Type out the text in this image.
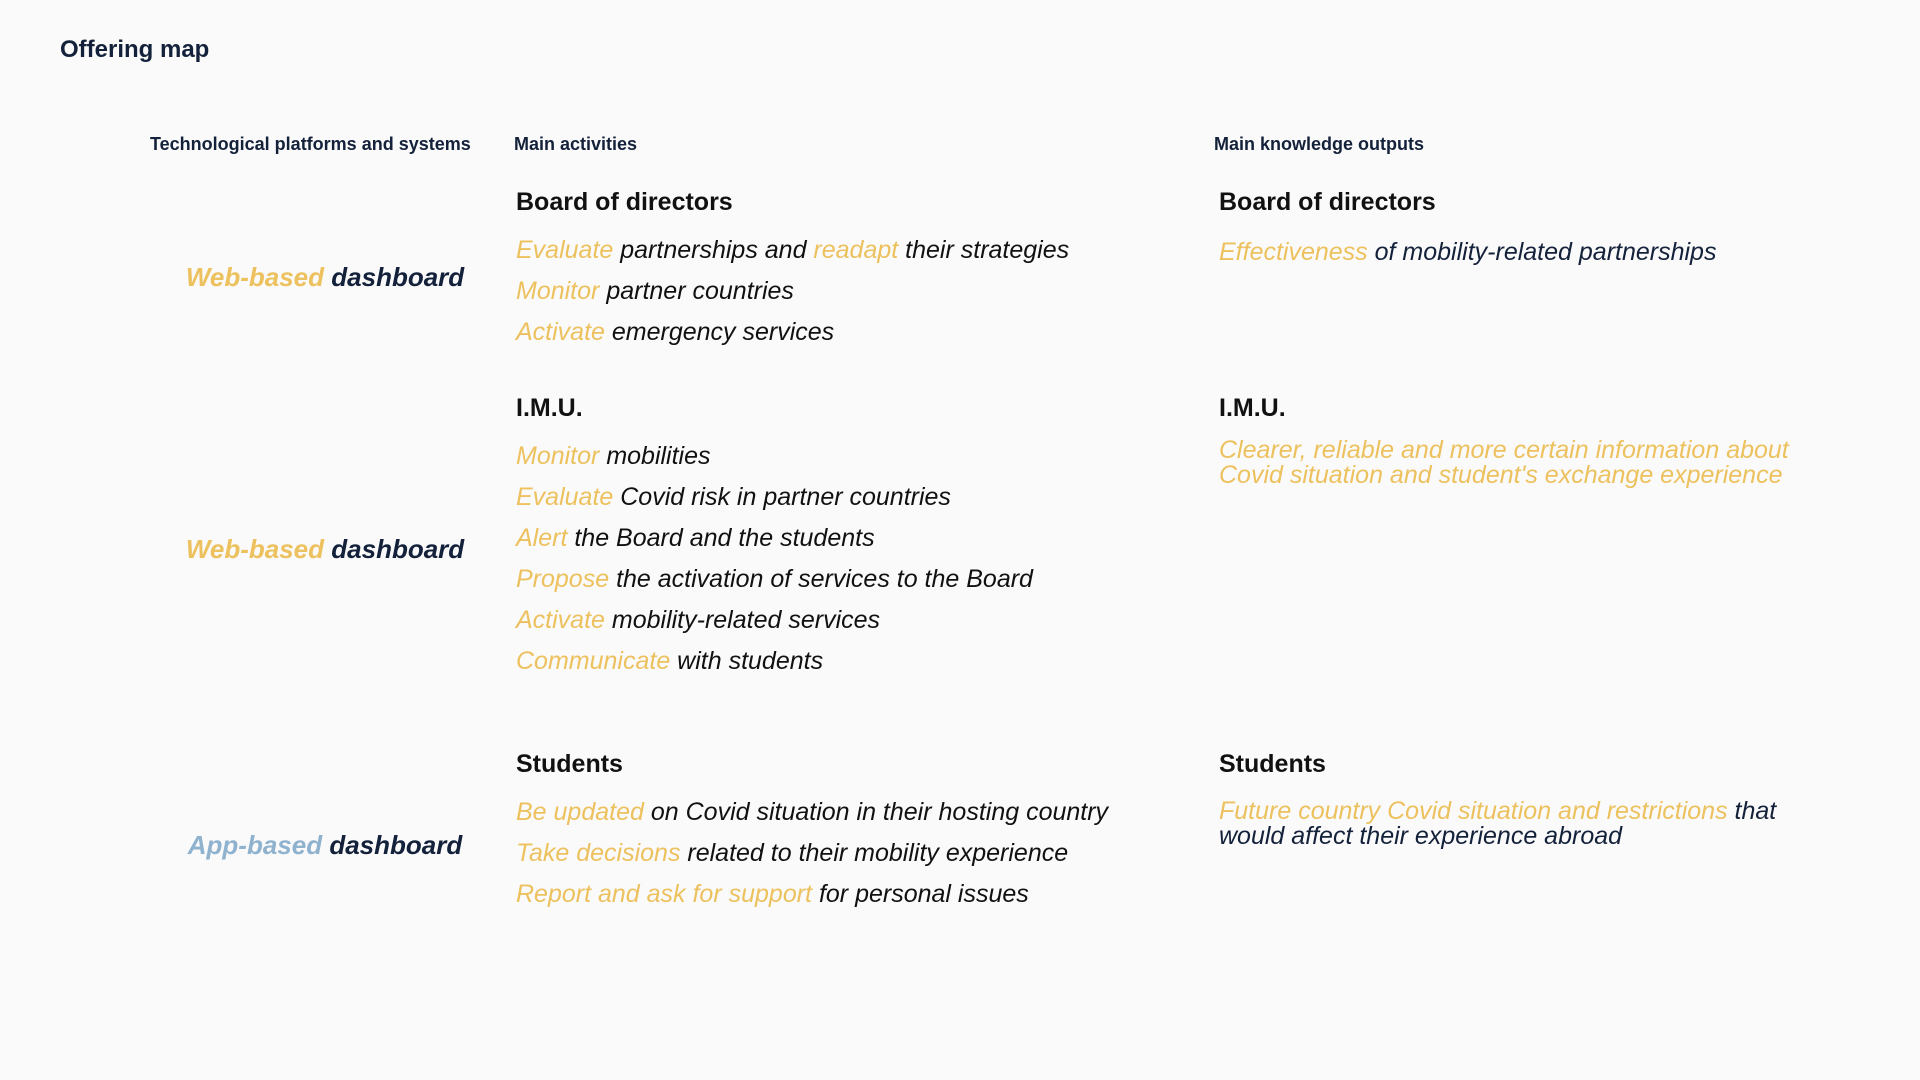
Offering map
Technological platforms and systems Main activities	Main knowledge outputs
Web-based dashboard
Board of directors
Evaluate partnerships and readapt their strategies
Monitor partner countries
Activate emergency services
Board of directors
Effectiveness of mobility-related partnerships
Web-based dashboard
I.M.U.
Monitor mobilities
Evaluate Covid risk in partner countries
Alert the Board and the students
Propose the activation of services to the Board
Activate mobility-related services
Communicate with students
I.M.U.
Clearer, reliable and more certain information about Covid situation and student's exchange experience
App-based dashboard
Students
Be updated on Covid situation in their hosting country
Take decisions related to their mobility experience
Report and ask for support for personal issues
Students
Future country Covid situation and restrictions that would affect their experience abroad
